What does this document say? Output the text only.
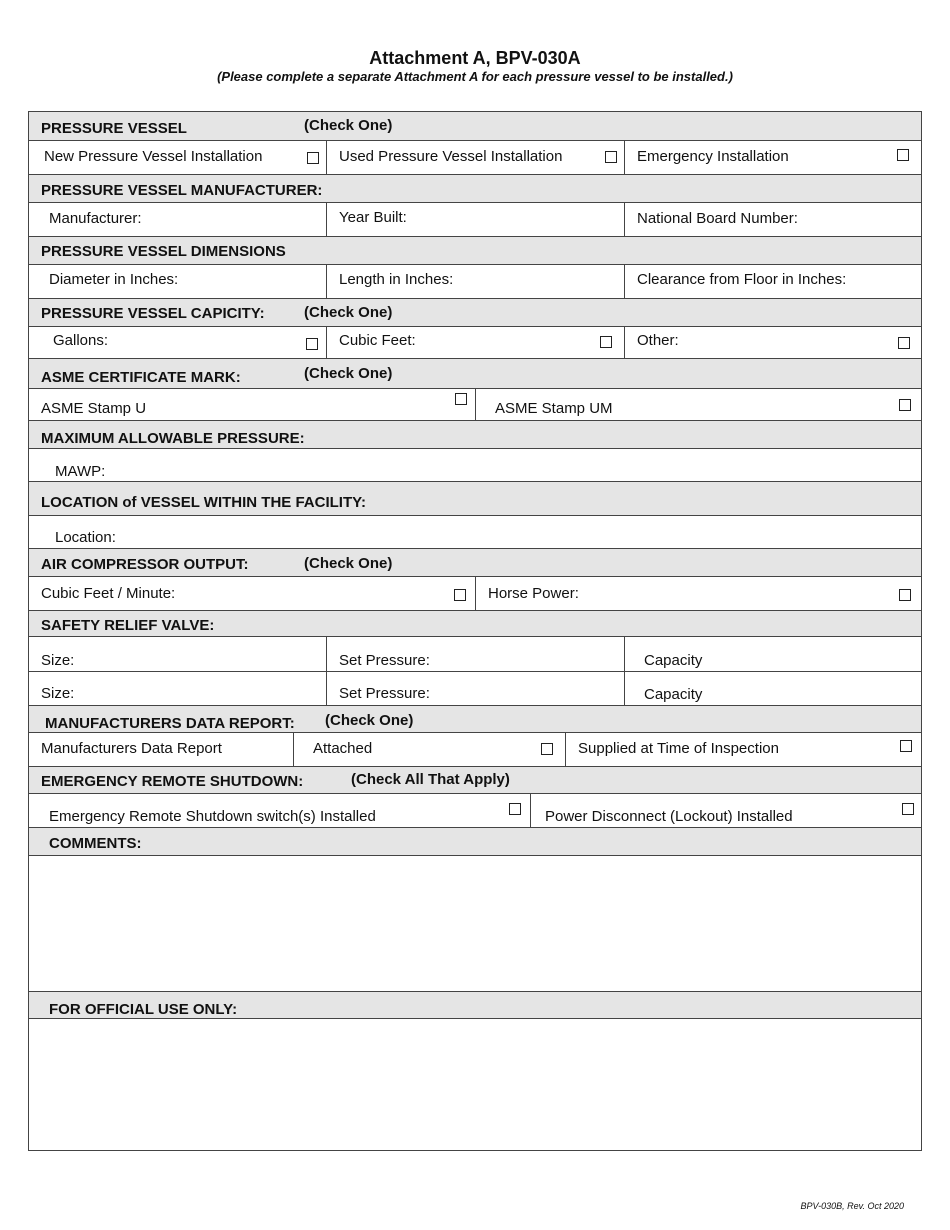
Attachment A, BPV-030A
(Please complete a separate Attachment A for each pressure vessel to be installed.)
PRESSURE VESSEL	(Check One)
New Pressure Vessel Installation	Used Pressure Vessel Installation	Emergency Installation
PRESSURE VESSEL MANUFACTURER:
Manufacturer:	Year Built:	National Board Number:
PRESSURE VESSEL DIMENSIONS
Diameter in Inches:	Length in Inches:	Clearance from Floor in Inches:
PRESSURE VESSEL CAPICITY:	(Check One)
Gallons:	Cubic Feet:	Other:
ASME CERTIFICATE MARK:	(Check One)
ASME Stamp U	ASME Stamp UM
MAXIMUM ALLOWABLE PRESSURE:
MAWP:
LOCATION of VESSEL WITHIN THE FACILITY:
Location:
AIR COMPRESSOR OUTPUT:	(Check One)
Cubic Feet / Minute:	Horse Power:
SAFETY RELIEF VALVE:
Size:	Set Pressure:	Capacity
Size:	Set Pressure:	Capacity
MANUFACTURERS DATA REPORT: (Check One)
Manufacturers Data Report	Attached	Supplied at Time of Inspection
EMERGENCY REMOTE SHUTDOWN:	(Check All That Apply)
Emergency Remote Shutdown switch(s) Installed	Power Disconnect (Lockout) Installed
COMMENTS:
FOR OFFICIAL USE ONLY:
BPV-030B, Rev. Oct 2020
